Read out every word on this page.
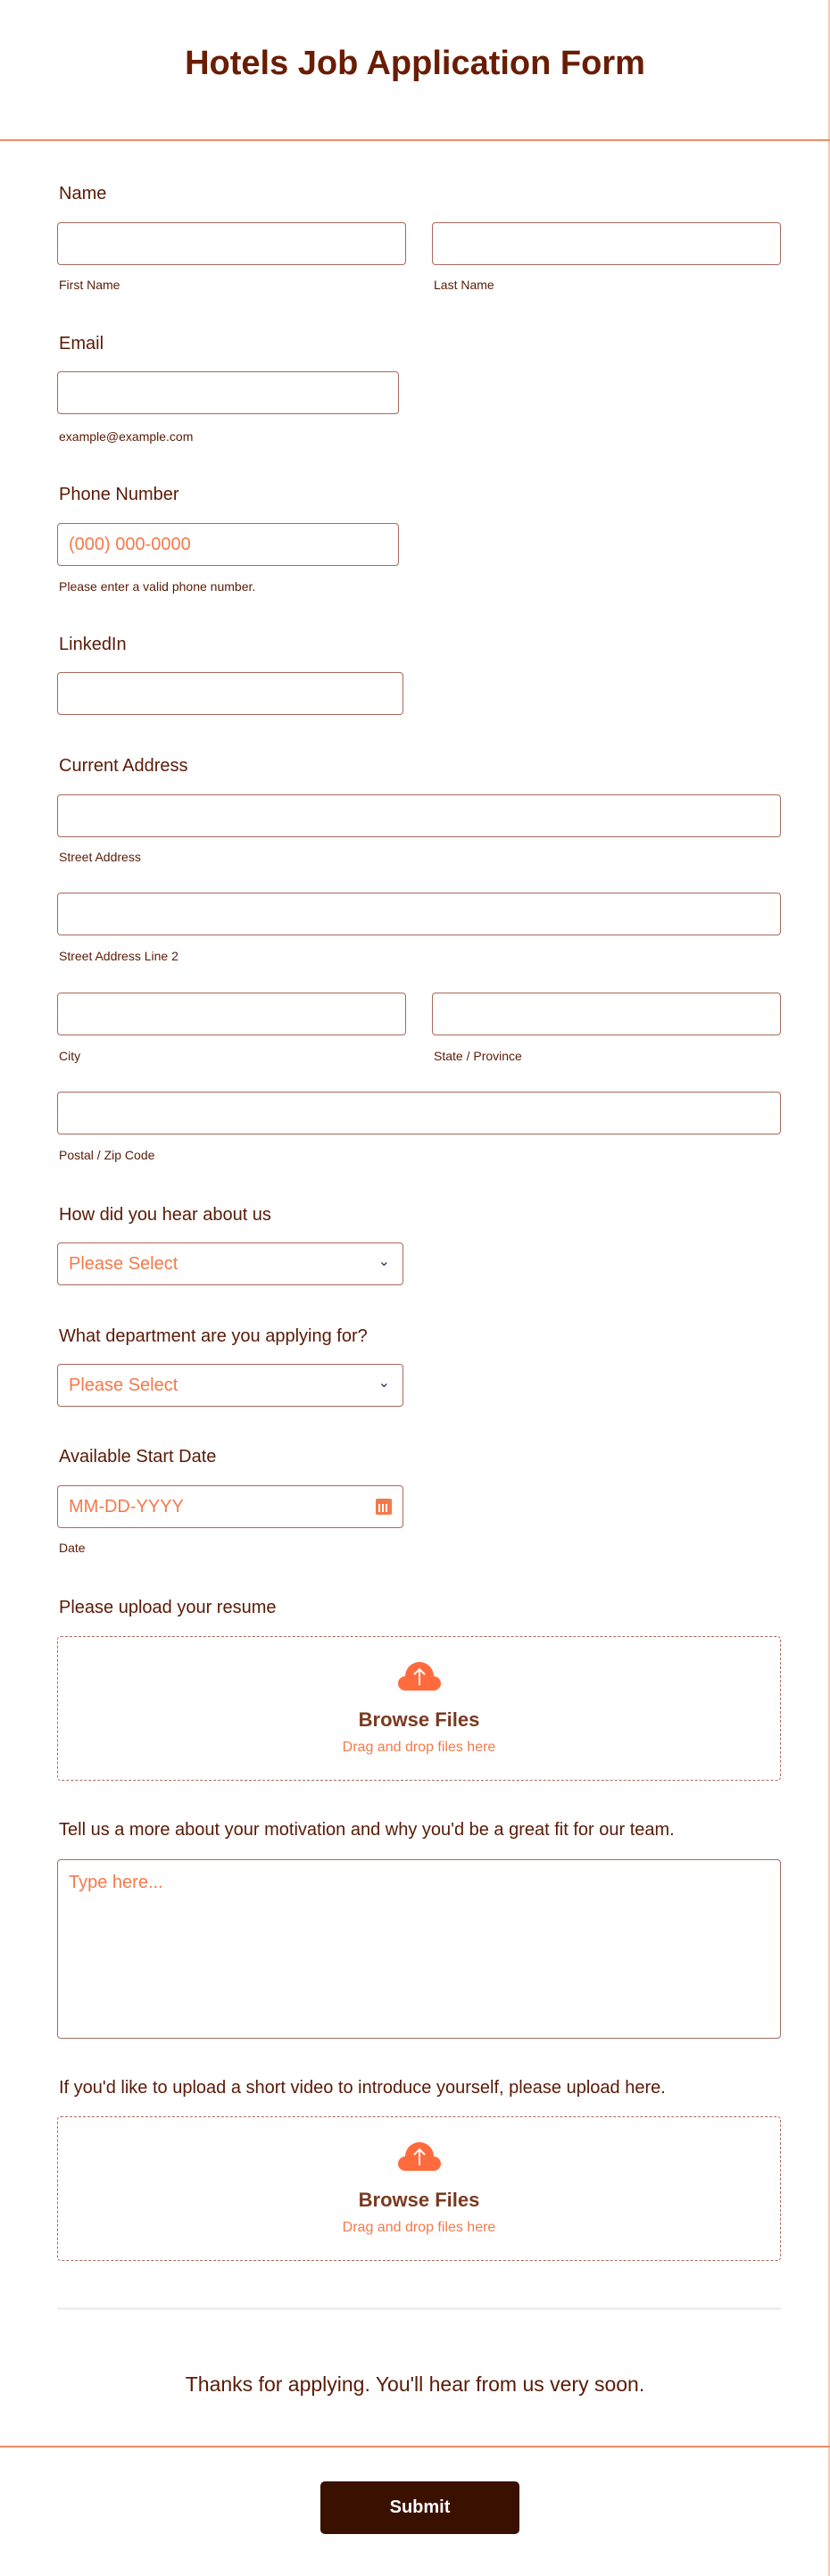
Hotels Job Application Form
Name
First Name	Last Name
Email
example@example.com
Phone Number
(000) 000-0000
Please enter a valid phone number.
LinkedIn
Current Address
Street Address
Street Address Line 2
City	State / Province
Postal / Zip Code
How did you hear about us
Please Select	⌄
What department are you applying for?
Please Select	⌄
Available Start Date
MM-DD-YYYY
Date
Please upload your resume
Browse Files
Drag and drop files here
Tell us a more about your motivation and why you'd be a great fit for our team.
Type here...
If you'd like to upload a short video to introduce yourself, please upload here.
Browse Files
Drag and drop files here
Thanks for applying. You'll hear from us very soon.
Submit
